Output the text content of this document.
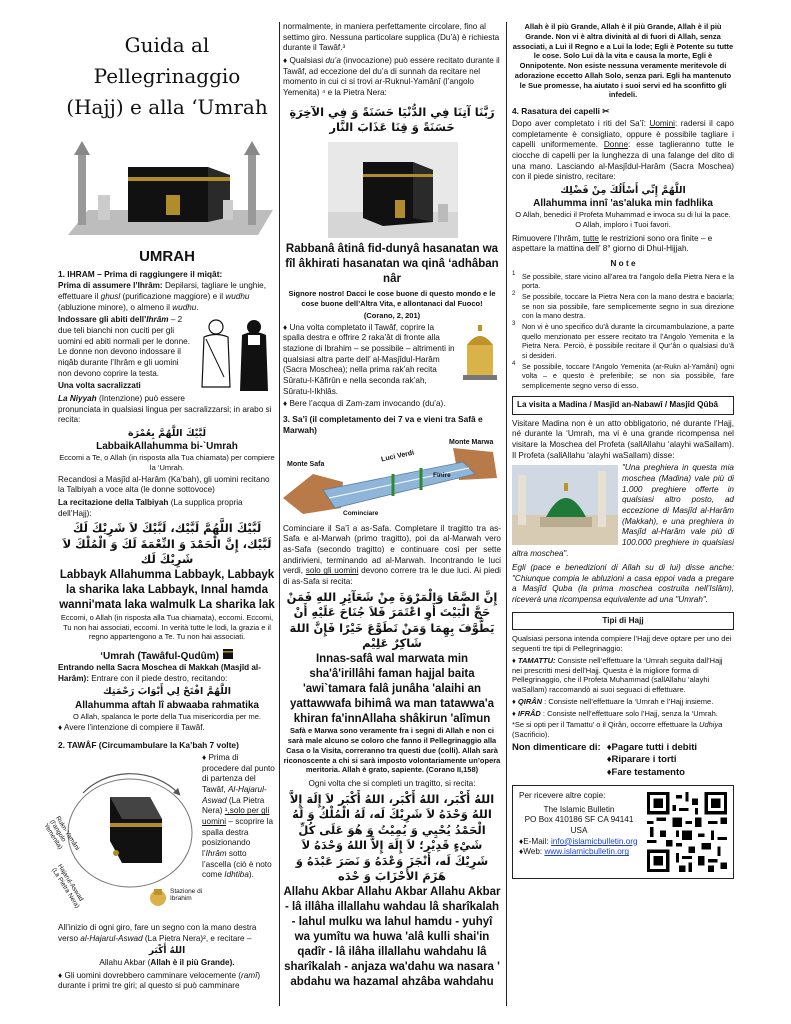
Guida al Pellegrinaggio
(Hajj) e alla ‘Umrah
UMRAH
1. IHRAM – Prima di raggiungere il miqât:

Prima di assumere l’Ihrâm: Depilarsi, tagliare le unghie, effettuare il ghusl (purificazione maggiore) e il wudhu (abluzione minore), o almeno il wudhu.

Indossare gli abiti dell’Ihrâm – 2 due teli bianchi non cuciti per gli uomini ed abiti normali per le donne. Le donne non devono indossare il niqâb durante l’Ihrâm e gli uomini non devono coprire la testa.

Una volta sacralizzati

La Niyyah (Intenzione) può essere pronunciata in qualsiasi lingua per sacralizzarsi; in arabo si recita:

لَبَّيْكَ اللَّهُمَّ بِعُمْرَة
LabbaikAllahumma bi-`Umrah

Eccomi a Te, o Allah (in risposta alla Tua chiamata) per compiere la ‘Umrah.

Recandosi a Masjîd al-Harâm (Ka’bah), gli uomini recitano la Talbiyah a voce alta (le donne sottovoce)

La recitazione della Talbiyah (La supplica propria dell’Hajj):

لَبَّيْكَ اللَّهُمَّ لَبَّيْك، لَبَّيْكَ لاَ شَرِيْكَ لَكَ لَبَّيْك، إِنَّ الْحَمْدَ وَ النِّعْمَةَ لَكَ وَ الْمُلْكَ لاَ شَرِيْكَ لَك
Labbayk Allahumma Labbayk, Labbayk la sharika laka Labbayk, Innal hamda wanni'mata laka walmulk La sharika lak

Eccomi, o Allah (in risposta alla Tua chiamata), eccomi. Eccomi, Tu non hai associati, eccomi. In verità tutte le lodi, la grazia e il regno appartengono a Te. Tu non hai associati.

‘Umrah (Tawâful-Qudûm)

Entrando nella Sacra Moschea di Makkah (Masjîd al-Harâm): Entrare con il piede destro, recitando:

اللَّهُمَّ افْتَحْ لِي أَبْوَابَ رَحْمَتِك
Allahumma aftah lî abwaaba rahmatika

O Allah, spalanca le porte della Tua misericordia per me.

♦ Avere l’intenzione di compiere il Tawâf.

2. TAWÂF (Circumambulare la Ka’bah 7 volte)
Rukn-Yamâni (l’angolo Yemenita)
Hajarul-Aswad (La Pietra Nera)	Stazione di Ibrahim
♦ Prima di procedere dal punto di partenza del Tawâf, Al-Hajarul-Aswad (La Pietra Nera) ¹,solo per gli uomini – scoprire la spalla destra posizionando l’Ihrâm sotto l’ascella (ciò è noto come Idhtiba).

All’inizio di ogni giro, fare un segno con la mano destra verso al-Hajarul-Aswad (La Pietra Nera)², e recitare –

اللهُ أَكْبَر

Allahu Akbar (Allah è il più Grande).

♦ Gli uomini dovrebbero camminare velocemente (ramî) durante i primi tre giri; al questo si può camminare

normalmente, in maniera perfettamente circolare, fino al settimo giro. Nessuna particolare supplica (Du’à) è richiesta durante il Tawâf.³

♦ Qualsiasi du’a (invocazione) può essere recitato durante il Tawâf, ad eccezione del du’a di sunnah da recitare nel momento in cui ci si trovi ar-Ruknul-Yamânî (l’angolo Yemenita) ⁴ e la Pietra Nera:

رَبَّنَا آتِنَا فِي الدُّنْيَا حَسَنَةً وَ فِي الآخِرَةِ حَسَنَةً وَ قِنَا عَذَابَ النَّار
Rabbanâ âtinâ fid-dunyâ hasanatan wa fîl âkhirati hasanatan wa qinâ ‘adhâban nâr

Signore nostro! Dacci le cose buone di questo mondo e le cose buone dell’Altra Vita, e allontanaci dal Fuoco!

(Corano, 2, 201)

♦ Una volta completato il Tawâf, coprire la spalla destra e offrire 2 raka’ât di fronte alla stazione di Ibrahim – se possibile – altrimenti in qualsiasi altra parte dell’ al-Masjîdul-Harâm (Sacra Moschea); nella prima rak’ah recita Sûratu-l-Kâfirûn e nella seconda rak’ah, Sûratu-l-Ikhlâs.

♦ Bere l’acqua di Zam-zam invocando (du’a).

3. Sa’î (il completamento dei 7 va e vieni tra Safâ e Marwah)
Monte Safa
Monte Marwa
Luci Verdi
Finire
Cominciare

Cominciare il Sa’î a as-Safa. Completare il tragitto tra as-Safa e al-Marwah (primo tragitto), poi da al-Marwah vero as-Safa (secondo tragitto) e continuare così per sette andirivieni, terminando ad al-Marwah. Incontrando le luci verdi, solo gli uomini devono correre tra le due luci. Ai piedi di as-Safa si recita:

إِنَّ الصَّفَا وَالْمَرْوَةَ مِنْ شَعَآئِرِ اللهِ فَمَنْ حَجَّ الْبَيْتَ أَوِ اعْتَمَرَ فَلاَ جُنَاحَ عَلَيْهِ أَنْ يَطَّوَّفَ بِهِمَا وَمَنْ تَطَوَّعَ خَيْرًا فَإِنَّ اللهَ شَاكِرٌ عَلِيْم
Innas-safâ wal marwata min sha'â'irillâhi faman hajjal baita 'awi`tamara falâ junâha 'alaihi an yattawwafa bihimâ wa man tatawwa'a khiran fa'innAllaha shâkirun 'alîmun

Safà e Marwa sono veramente fra i segni di Allah e non ci sarà male alcuno se coloro che fanno il Pellegrinaggio alla Casa o la Visita, correranno tra questi due (colli). Allah sarà riconoscente a chi si sarà imposto volontariamente un’opera meritoria. Allah è grato, sapiente. (Corano II,158)

Ogni volta che si completi un tragitto, si recita:

اللهُ أَكْبَر، اللهُ أَكْبَر، اللهُ أَكْبَر لاَ إِلَهَ إِلاَّ اللهُ وَحْدَهُ لاَ شَرِيْكَ لَه، لَهُ الْمُلْكُ وَ لَهُ الْحَمْدُ يُحْيِي وَ يُمِيْتُ وَ هُوَ عَلَى كُلِّ شَيْءٍ قَدِيْر؛ لاَ إِلَهَ إِلاَّ اللهُ وَحْدَهُ لاَ شَرِيْكَ لَه، أَنْجَزَ وَعْدَهُ وَ نَصَرَ عَبْدَهُ وَ هَزَمَ الأَحْزَابَ وَ حْدَه
Allahu Akbar Allahu Akbar Allahu Akbar - lâ illâha illallahu wahdau lâ sharîkalah - lahul mulku wa lahul hamdu - yuhyî wa yumîtu wa huwa 'alâ kulli shai'in qadîr - lâ ilâha illallahu wahdahu lâ sharîkalah - anjaza wa'dahu wa nasara ' abdahu wa hazamal ahzâba wahdahu

Allah è il più Grande, Allah è il più Grande, Allah è il più Grande. Non vi è altra divinità al di fuori di Allah, senza associati, a Lui il Regno e a Lui la lode; Egli è Potente su tutte le cose. Solo Lui dà la vita e causa la morte, Egli è Onnipotente. Non esiste nessuna veramente meritevole di adorazione eccetto Allah Solo, senza pari. Egli ha mantenuto le Sue promesse, ha aiutato i suoi servi ed ha sconfitto gli infedeli.

4. Rasatura dei capelli ✂

Dopo aver completato i riti del Sa’î: Uomini: radersi il capo completamente è consigliato, oppure è possibile tagliare i capelli uniformemente. Donne: esse taglieranno tutte le ciocche di capelli per la lunghezza di una falange del dito di una mano. Lasciando al-Masjîdul-Harâm (Sacra Moschea) con il piede sinistro, recitare:

اللَّهُمَّ إِنِّي أَسْأَلُكَ مِنْ فَضْلِك
Allahumma innî 'as'aluka min fadhlika

O Allah, benedici il Profeta Muhammad e invoca su di lui la pace. O Allah, imploro i Tuoi favori.

Rimuovere l’Ihrâm, tutte le restrizioni sono ora finite – e aspettare la mattina dell’ 8° giorno di Dhul-Hijjah.

N o t e
1 Se possibile, stare vicino all’area tra l’angolo della Pietra Nera e la porta.
2 Se possibile, toccare la Pietra Nera con la mano destra e baciarla; se non sia possibile, fare semplicemente segno in sua direzione con la mano destra.
3 Non vi è uno specifico du’â durante la circumambulazione, a parte quello menzionato per essere recitato tra l’Angolo Yemenita e la Pietra Nera. Perciò, è possibile recitare il Qur’ân o qualsiasi du’â si desideri.
4 Se possibile, toccare l’Angolo Yemenita (ar-Rukn al-Yamâni) ogni volta – e questo è preferibile; se non sia possibile, fare semplicemente segno verso di esso.
La visita a Madina / Masjîd an-Nabawî / Masjîd Qûbâ

Visitare Madina non è un atto obbligatorio, né durante l’Hajj, né durante la ‘Umrah, ma vi è una grande ricompensa nel visitare la Moschea del Profeta (sallAllahu ‘alayhi waSallam). Il Profeta (sallAllahu ‘alayhi waSallam) disse:

"Una preghiera in questa mia moschea (Madina) vale più di 1.000 preghiere offerte in qualsiasi altro posto, ad eccezione di Masjîd al-Harâm (Makkah), e una preghiera in Masjîd al-Harâm vale più di 100.000 preghiere in qualsiasi altra moschea".

Egli (pace e benedizioni di Allah su di lui) disse anche: "Chiunque compia le abluzioni a casa eppoi vada a pregare a Masjîd Quba (la prima moschea costruita nell’Islâm), riceverà una ricompensa equivalente ad una "Umrah".

Tipi di Hajj

Qualsiasi persona intenda compiere l’Hajj deve optare per uno dei seguenti tre tipi di Pellegrinaggio:

♦ TAMATTU: Consiste nell’effettuare la ‘Umrah seguita dall’Hajj nei prescritti mesi dell’Hajj. Questa è la migliore forma di Pellegrinaggio, che il Profeta Muhammad (sallAllahu ‘alayhi waSallam) raccomandò ai suoi seguaci di effettuare.

♦ QIRÂN : Consiste nell’effettuare la ‘Umrah e l’Hajj insieme.

♦ IFRÂD : Consiste nell’effettuare solo l’Hajj, senza la ‘Umrah.

*Se si opti per il Tamattu’ o il Qirân, occorre effettuare la Udhiya (Sacrificio).

Non dimenticare di: ♦Pagare tutti i debiti
♦Riparare i torti
♦Fare testamento
Per ricevere altre copie:
The Islamic Bulletin
PO Box 410186 SF CA 94141
USA
♦E-Mail: info@islamicbulletin.org
♦Web: www.islamicbulletin.org
